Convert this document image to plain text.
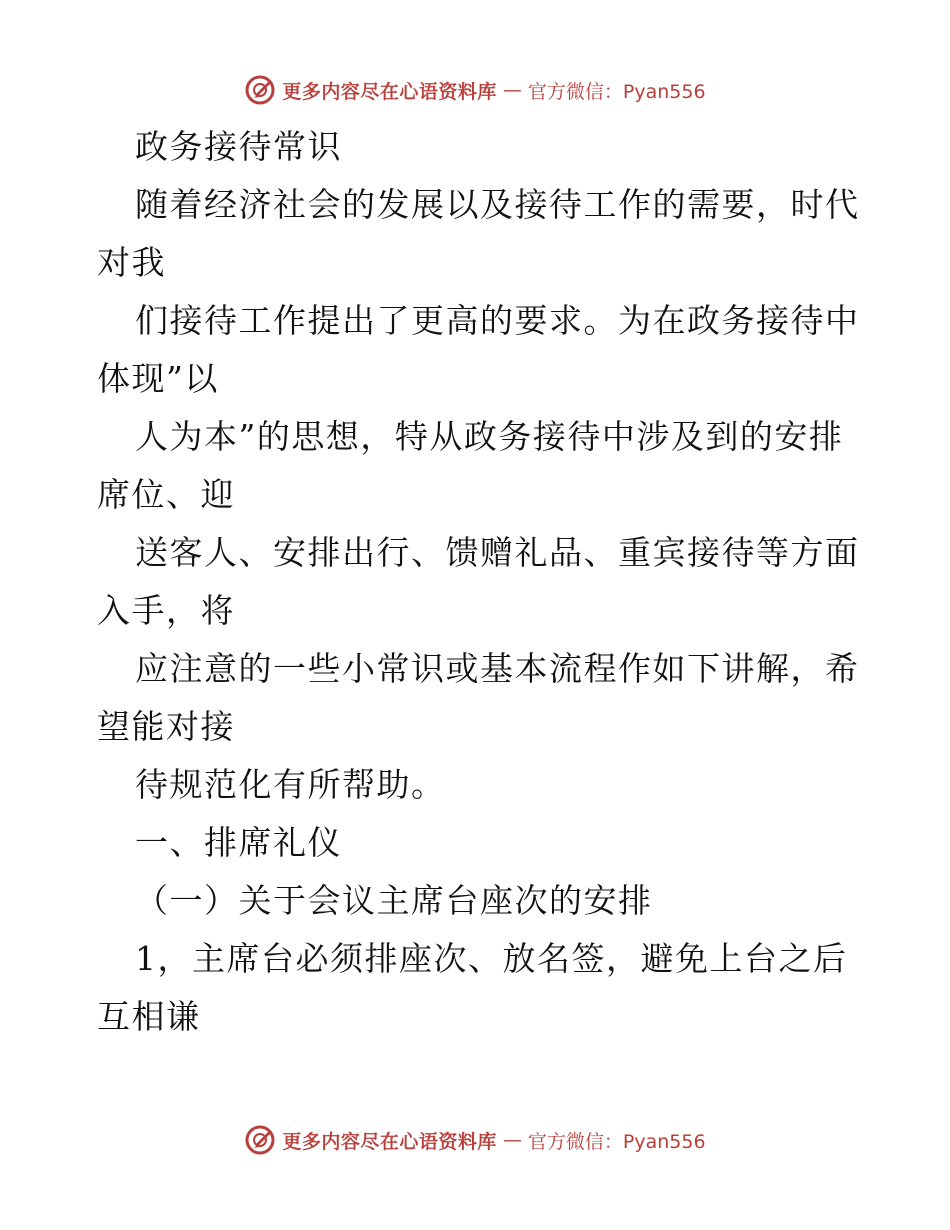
更多内容尽在心语资料库 — 官方微信：Pyan556
政务接待常识
随着经济社会的发展以及接待工作的需要，时代
对我
们接待工作提出了更高的要求。为在政务接待中
体现”以
人为本”的思想，特从政务接待中涉及到的安排
席位、迎
送客人、安排出行、馈赠礼品、重宾接待等方面
入手，将
应注意的一些小常识或基本流程作如下讲解，希
望能对接
待规范化有所帮助。
一、排席礼仪
（一）关于会议主席台座次的安排
1，主席台必须排座次、放名签，避免上台之后
互相谦
更多内容尽在心语资料库 — 官方微信：Pyan556
